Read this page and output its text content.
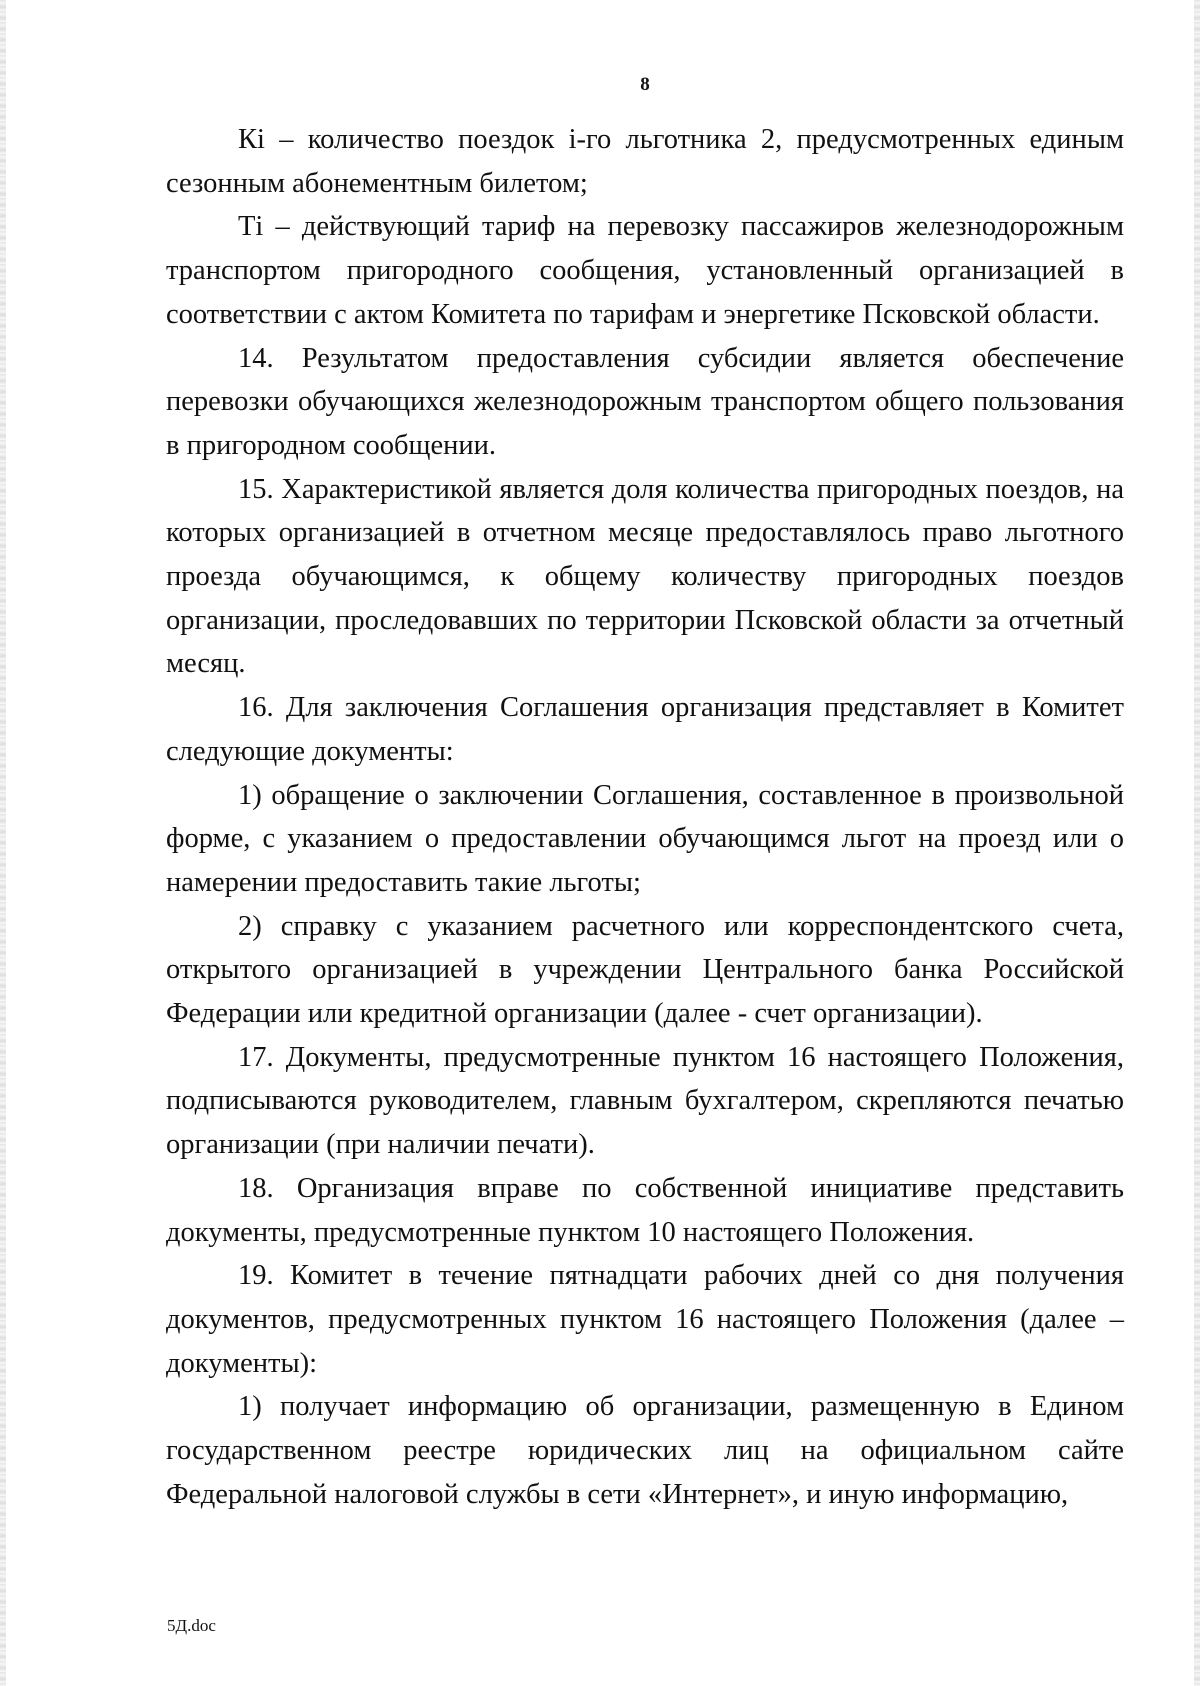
8

Кi – количество поездок i-го льготника 2, предусмотренных единым сезонным абонементным билетом;

Тi – действующий тариф на перевозку пассажиров железнодорожным транспортом пригородного сообщения, установленный организацией в соответствии с актом Комитета по тарифам и энергетике Псковской области.

14. Результатом предоставления субсидии является обеспечение перевозки обучающихся железнодорожным транспортом общего пользования в пригородном сообщении.

15. Характеристикой является доля количества пригородных поездов, на которых организацией в отчетном месяце предоставлялось право льготного проезда обучающимся, к общему количеству пригородных поездов организации, проследовавших по территории Псковской области за отчетный месяц.

16. Для заключения Соглашения организация представляет в Комитет следующие документы:

1) обращение о заключении Соглашения, составленное в произвольной форме, с указанием о предоставлении обучающимся льгот на проезд или о намерении предоставить такие льготы;

2) справку с указанием расчетного или корреспондентского счета, открытого организацией в учреждении Центрального банка Российской Федерации или кредитной организации (далее - счет организации).

17. Документы, предусмотренные пунктом 16 настоящего Положения, подписываются руководителем, главным бухгалтером, скрепляются печатью организации (при наличии печати).

18. Организация вправе по собственной инициативе представить документы, предусмотренные пунктом 10 настоящего Положения.

19. Комитет в течение пятнадцати рабочих дней со дня получения документов, предусмотренных пунктом 16 настоящего Положения (далее – документы):

1) получает информацию об организации, размещенную в Едином государственном реестре юридических лиц на официальном сайте Федеральной налоговой службы в сети «Интернет», и иную информацию,

5Д.doc
